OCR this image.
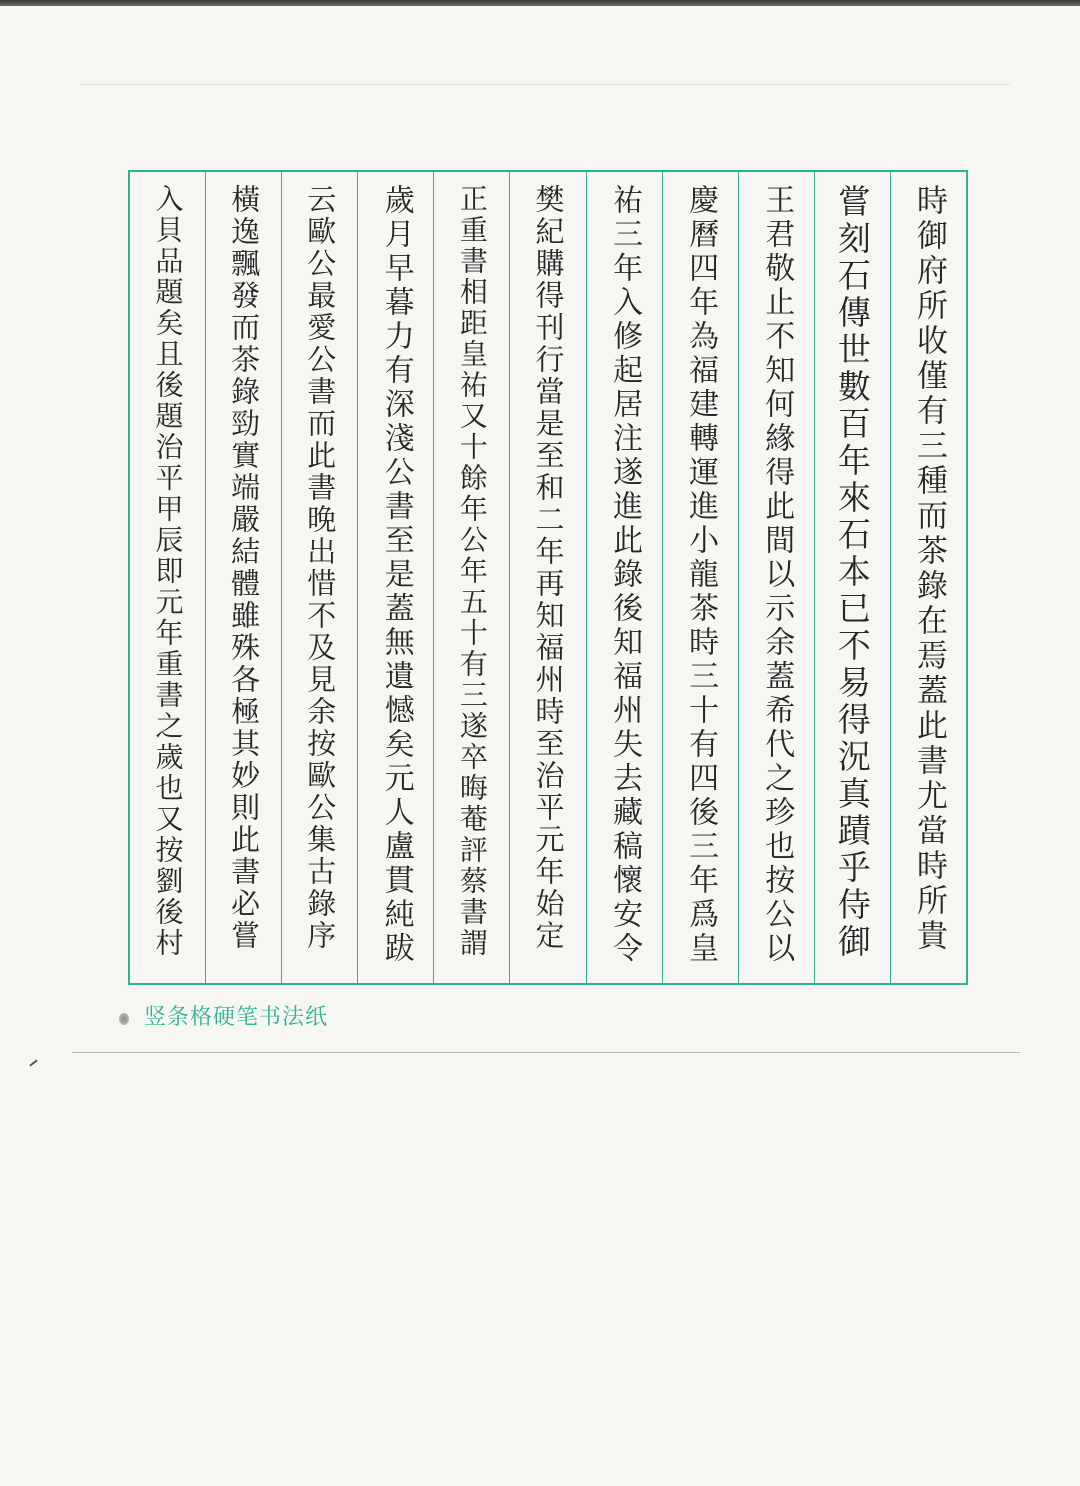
時御府所收僅有三種而茶錄在焉蓋此書尤當時所貴
嘗刻石傳世數百年來石本已不易得況真蹟乎侍御
王君敬止不知何緣得此間以示余蓋希代之珍也按公以
慶曆四年為福建轉運進小龍茶時三十有四後三年爲皇
祐三年入修起居注遂進此錄後知福州失去藏稿懷安令
樊紀購得刊行當是至和二年再知福州時至治平元年始定
正重書相距皇祐又十餘年公年五十有三遂卒晦菴評蔡書謂
歲月早暮力有深淺公書至是蓋無遺憾矣元人盧貫純跋
云歐公最愛公書而此書晚出惜不及見余按歐公集古錄序
橫逸飄發而茶錄勁實端嚴結體雖殊各極其妙則此書必嘗
入貝品題矣且後題治平甲辰即元年重書之歲也又按劉後村
竖条格硬笔书法纸
